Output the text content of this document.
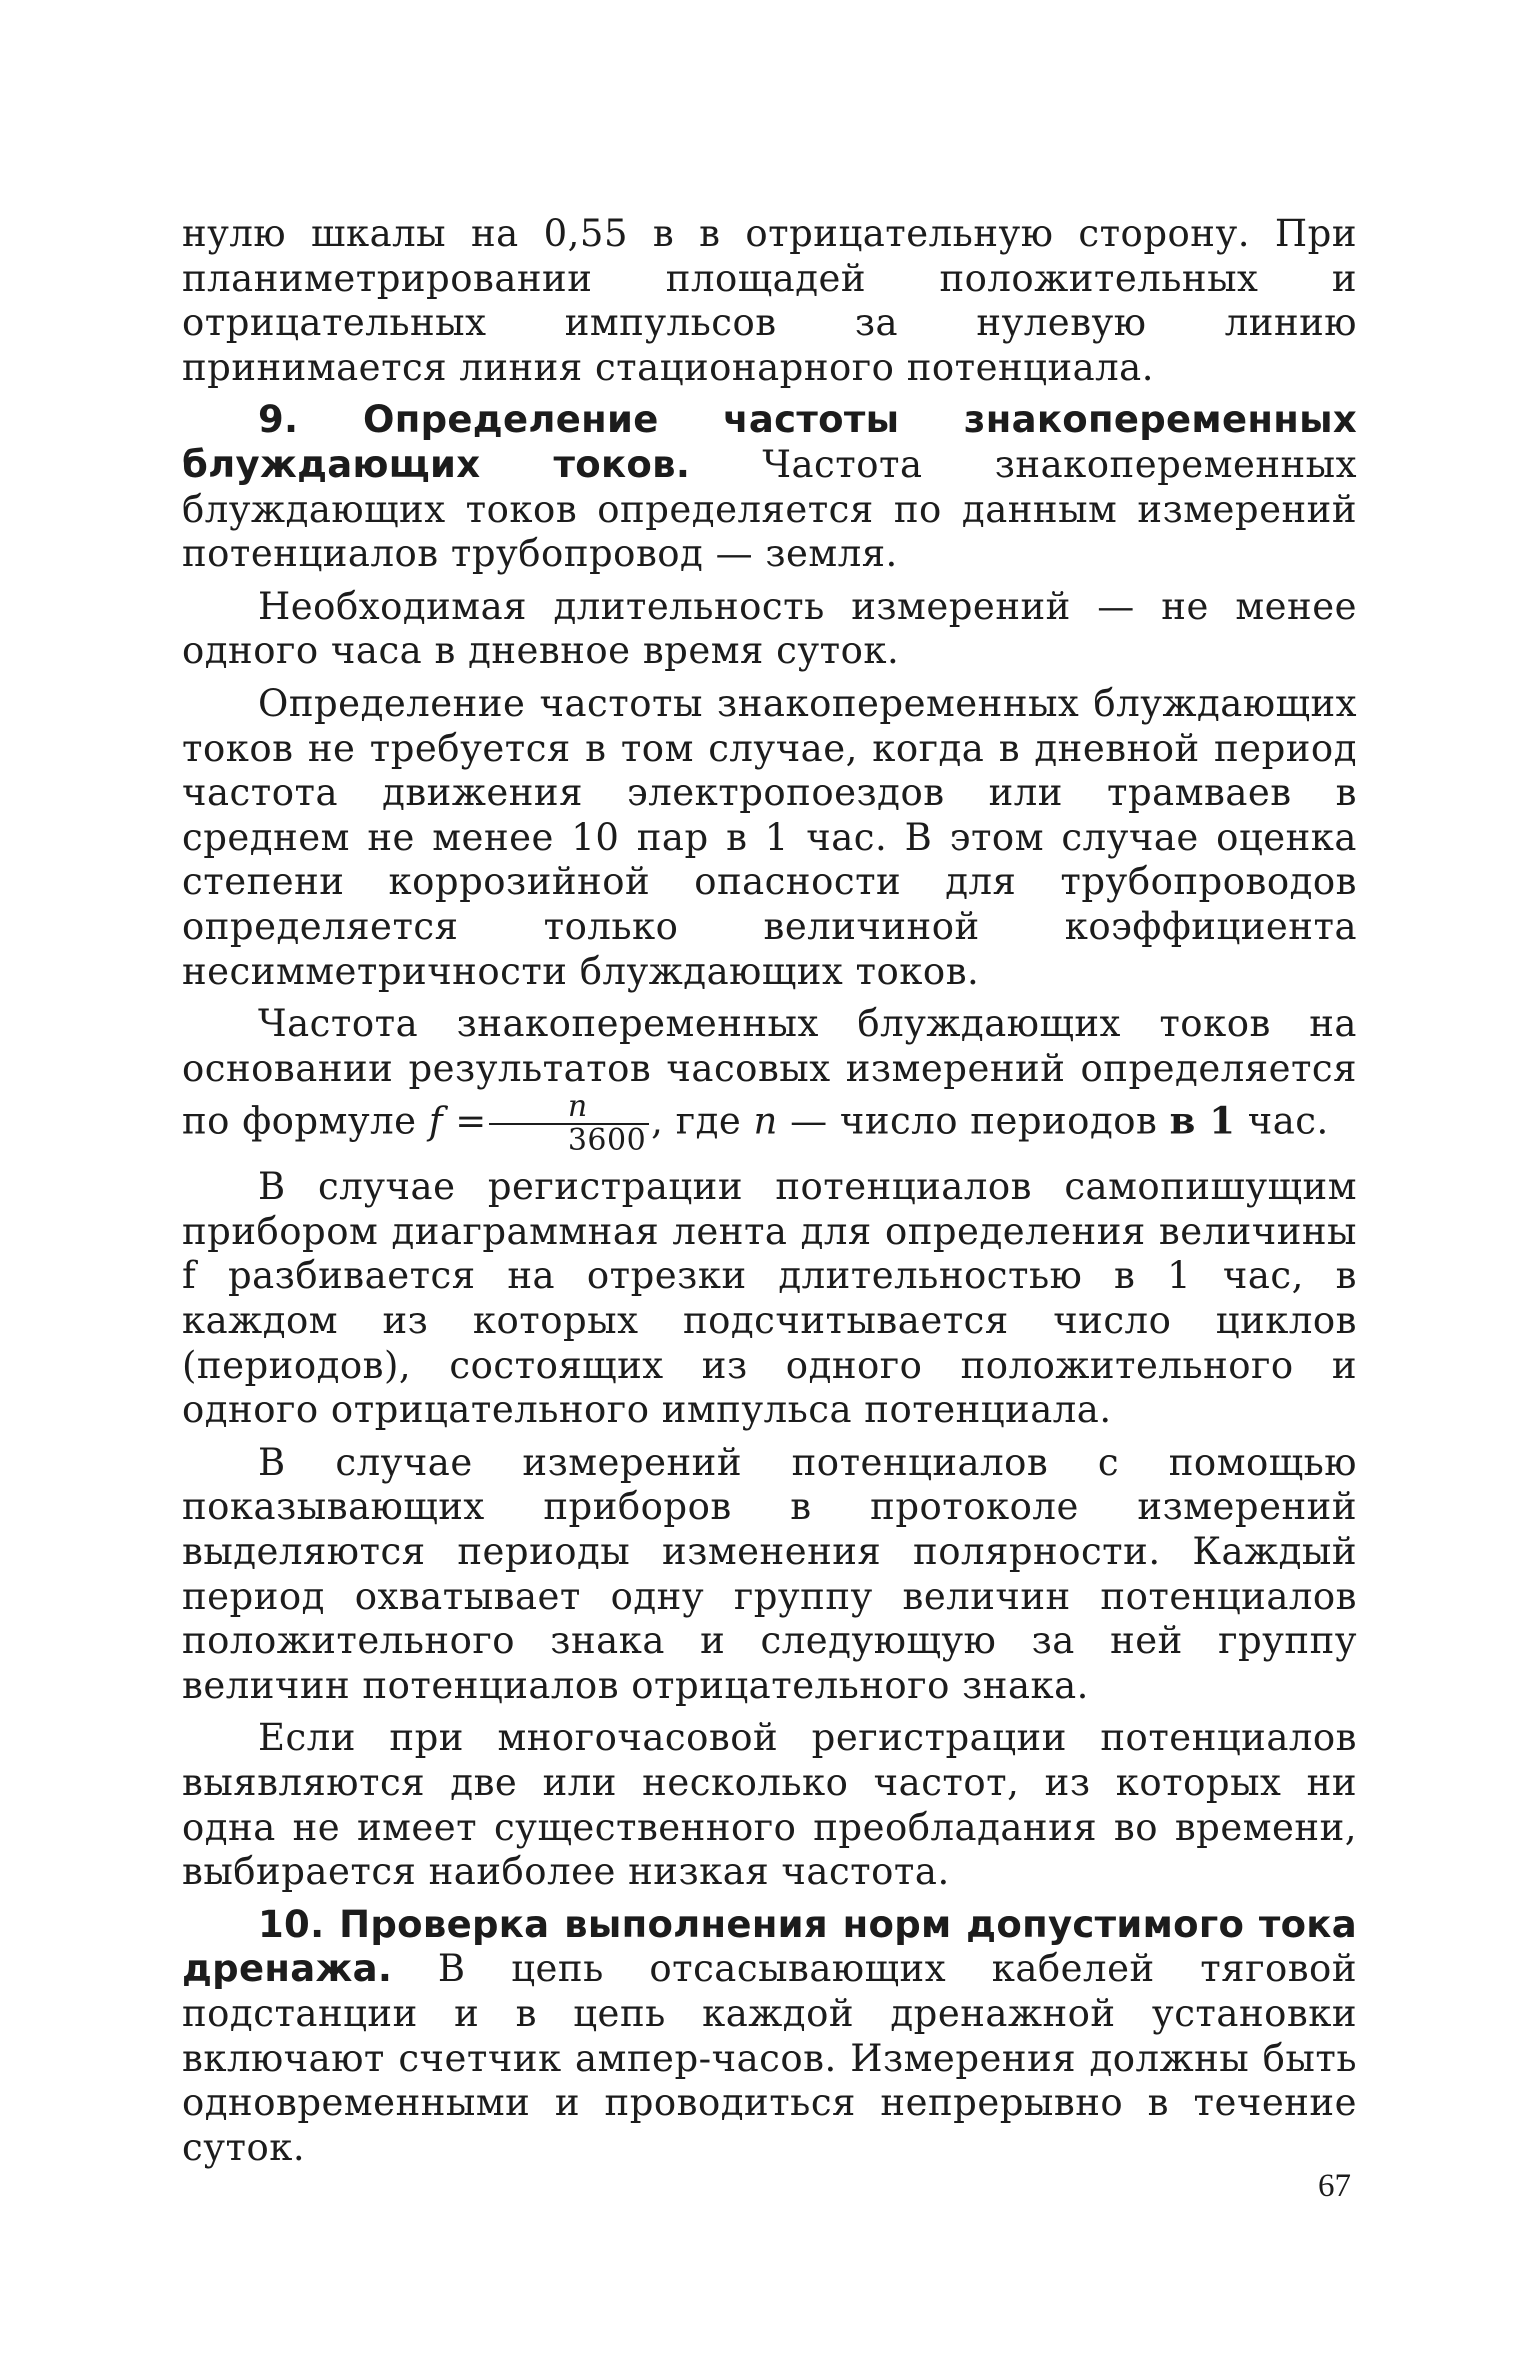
нулю шкалы на 0,55 в в отрицательную сторону. При планиметрировании площадей положительных и отрицательных импульсов за нулевую линию принимается линия стационарного потенциала.

9. Определение частоты знакопеременных блуждающих токов. Частота знакопеременных блуждающих токов определяется по данным измерений потенциалов трубопровод — земля.

Необходимая длительность измерений — не менее одного часа в дневное время суток.

Определение частоты знакопеременных блуждающих токов не требуется в том случае, когда в дневной период частота движения электропоездов или трамваев в среднем не менее 10 пар в 1 час. В этом случае оценка степени коррозийной опасности для трубопроводов определяется только величиной коэффициента несимметричности блуждающих токов.

Частота знакопеременных блуждающих токов на основании результатов часовых измерений определяется по формуле $f = \frac{n}{3600}$ , где n — число периодов в 1 час.

В случае регистрации потенциалов самопишущим прибором диаграммная лента для определения величины f разбивается на отрезки длительностью в 1 час, в каждом из которых подсчитывается число циклов (периодов), состоящих из одного положительного и одного отрицательного импульса потенциала.

В случае измерений потенциалов с помощью показывающих приборов в протоколе измерений выделяются периоды изменения полярности. Каждый период охватывает одну группу величин потенциалов положительного знака и следующую за ней группу величин потенциалов отрицательного знака.

Если при многочасовой регистрации потенциалов выявляются две или несколько частот, из которых ни одна не имеет существенного преобладания во времени, выбирается наиболее низкая частота.

10. Проверка выполнения норм допустимого тока дренажа. В цепь отсасывающих кабелей тяговой подстанции и в цепь каждой дренажной установки включают счетчик ампер-часов. Измерения должны быть одновременными и проводиться непрерывно в течение суток.

67
